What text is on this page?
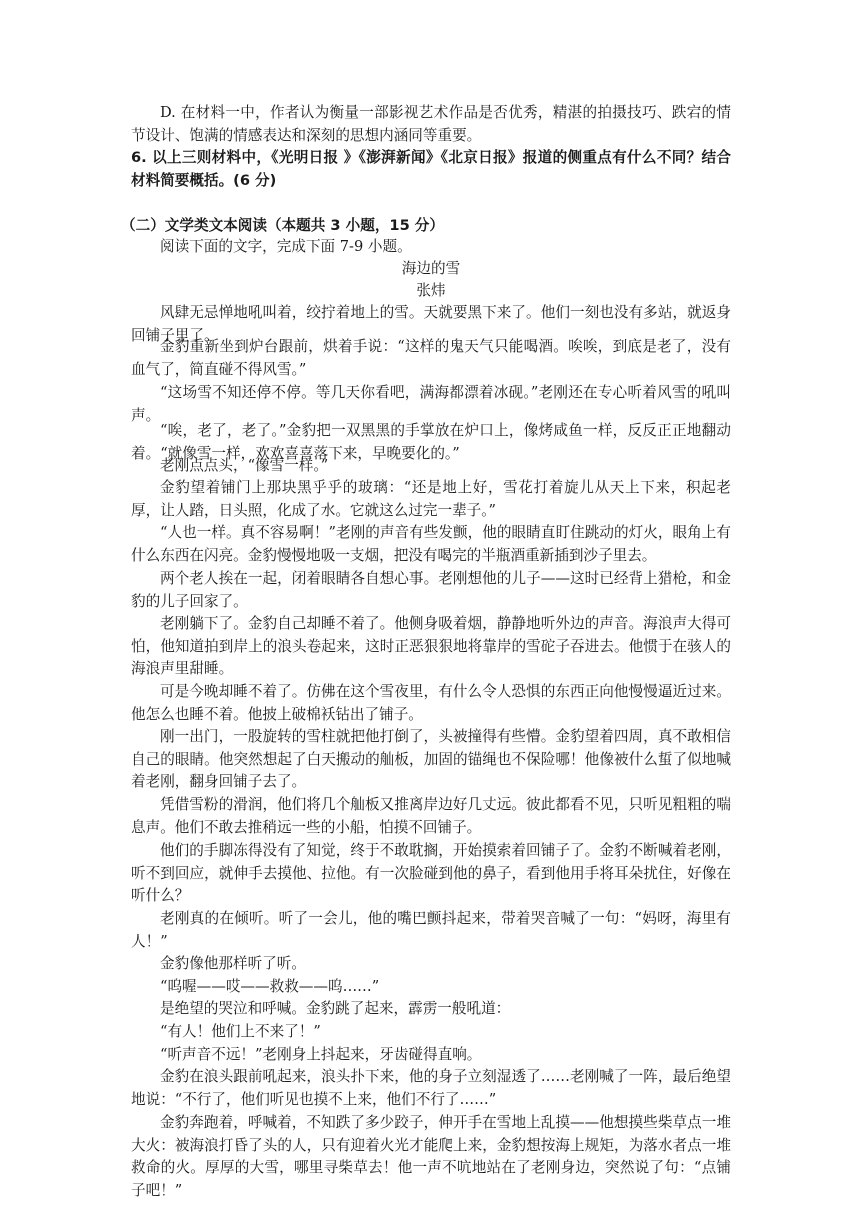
D. 在材料一中，作者认为衡量一部影视艺术作品是否优秀，精湛的拍摄技巧、跌宕的情节设计、饱满的情感表达和深刻的思想内涵同等重要。

6. 以上三则材料中，《光明日报 》《澎湃新闻》《北京日报》报道的侧重点有什么不同？结合材料简要概括。(6 分)

（二）文学类文本阅读（本题共 3 小题，15 分）

阅读下面的文字，完成下面 7-9 小题。

海边的雪

张炜

风肆无忌惮地吼叫着，绞拧着地上的雪。天就要黑下来了。他们一刻也没有多站，就返身回铺子里了。

金豹重新坐到炉台跟前，烘着手说：“这样的鬼天气只能喝酒。唉唉，到底是老了，没有血气了，简直碰不得风雪。”

“这场雪不知还停不停。等几天你看吧，满海都漂着冰砚。”老刚还在专心听着风雪的吼叫声。

“唉，老了，老了。”金豹把一双黑黑的手掌放在炉口上，像烤咸鱼一样，反反正正地翻动着。“就像雪一样，欢欢喜喜落下来，早晚要化的。”

老刚点点头，“像雪一样。”

金豹望着铺门上那块黑乎乎的玻璃：“还是地上好，雪花打着旋儿从天上下来，积起老厚，让人踏，日头照，化成了水。它就这么过完一辈子。”

“人也一样。真不容易啊！”老刚的声音有些发颤，他的眼睛直盯住跳动的灯火，眼角上有什么东西在闪亮。金豹慢慢地吸一支烟，把没有喝完的半瓶酒重新插到沙子里去。

两个老人挨在一起，闭着眼睛各自想心事。老刚想他的儿子——这时已经背上猎枪，和金豹的儿子回家了。

老刚躺下了。金豹自己却睡不着了。他侧身吸着烟，静静地听外边的声音。海浪声大得可怕，他知道拍到岸上的浪头卷起来，这时正恶狠狠地将靠岸的雪砣子吞进去。他惯于在骇人的海浪声里甜睡。

可是今晚却睡不着了。仿佛在这个雪夜里，有什么令人恐惧的东西正向他慢慢逼近过来。他怎么也睡不着。他披上破棉袄钻出了铺子。

刚一出门，一股旋转的雪柱就把他打倒了，头被撞得有些懵。金豹望着四周，真不敢相信自己的眼睛。他突然想起了白天搬动的舢板，加固的锚绳也不保险哪！他像被什么蜇了似地喊着老刚，翻身回铺子去了。

凭借雪粉的滑润，他们将几个舢板又推离岸边好几丈远。彼此都看不见，只听见粗粗的喘息声。他们不敢去推稍远一些的小船，怕摸不回铺子。

他们的手脚冻得没有了知觉，终于不敢耽搁，开始摸索着回铺子了。金豹不断喊着老刚，听不到回应，就伸手去摸他、拉他。有一次脸碰到他的鼻子，看到他用手将耳朵扰住，好像在听什么？

老刚真的在倾听。听了一会儿，他的嘴巴颤抖起来，带着哭音喊了一句：“妈呀，海里有人！”

金豹像他那样听了听。

“呜喔——哎——救救——呜……”

是绝望的哭泣和呼喊。金豹跳了起来，霹雳一般吼道：

“有人！他们上不来了！”

“听声音不远！”老刚身上抖起来，牙齿碰得直响。

金豹在浪头跟前吼起来，浪头扑下来，他的身子立刻湿透了……老刚喊了一阵，最后绝望地说：“不行了，他们听见也摸不上来，他们不行了……”

金豹奔跑着，呼喊着，不知跌了多少跤子，伸开手在雪地上乱摸——他想摸些柴草点一堆大火：被海浪打昏了头的人，只有迎着火光才能爬上来，金豹想按海上规矩，为落水者点一堆救命的火。厚厚的大雪，哪里寻柴草去！他一声不吭地站在了老刚身边，突然说了句：“点铺子吧！”
